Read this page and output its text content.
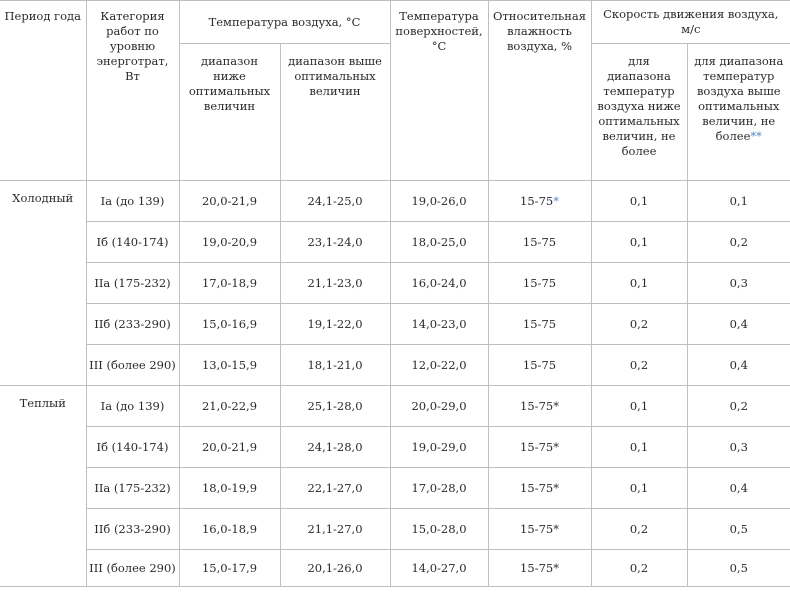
Период года	Категория работ по уровню энерготрат, Вт	Температура воздуха, °С		Температура поверхностей, °С	Относительная влажность воздуха, %	Скорость движения воздуха, м/с	
		диапазон ниже оптимальных величин	диапазон выше оптимальных величин			для диапазона температур воздуха ниже оптимальных величин, не более	для диапазона температур воздуха выше оптимальных величин, не более**
Холодный	Iа (до 139)	20,0-21,9	24,1-25,0	19,0-26,0	15-75*	0,1	0,1
	Iб (140-174)	19,0-20,9	23,1-24,0	18,0-25,0	15-75	0,1	0,2
	IIа (175-232)	17,0-18,9	21,1-23,0	16,0-24,0	15-75	0,1	0,3
	IIб (233-290)	15,0-16,9	19,1-22,0	14,0-23,0	15-75	0,2	0,4
	III (более 290)	13,0-15,9	18,1-21,0	12,0-22,0	15-75	0,2	0,4
Теплый	Iа (до 139)	21,0-22,9	25,1-28,0	20,0-29,0	15-75*	0,1	0,2
	Iб (140-174)	20,0-21,9	24,1-28,0	19,0-29,0	15-75*	0,1	0,3
	IIа (175-232)	18,0-19,9	22,1-27,0	17,0-28,0	15-75*	0,1	0,4
	IIб (233-290)	16,0-18,9	21,1-27,0	15,0-28,0	15-75*	0,2	0,5
	III (более 290)	15,0-17,9	20,1-26,0	14,0-27,0	15-75*	0,2	0,5
